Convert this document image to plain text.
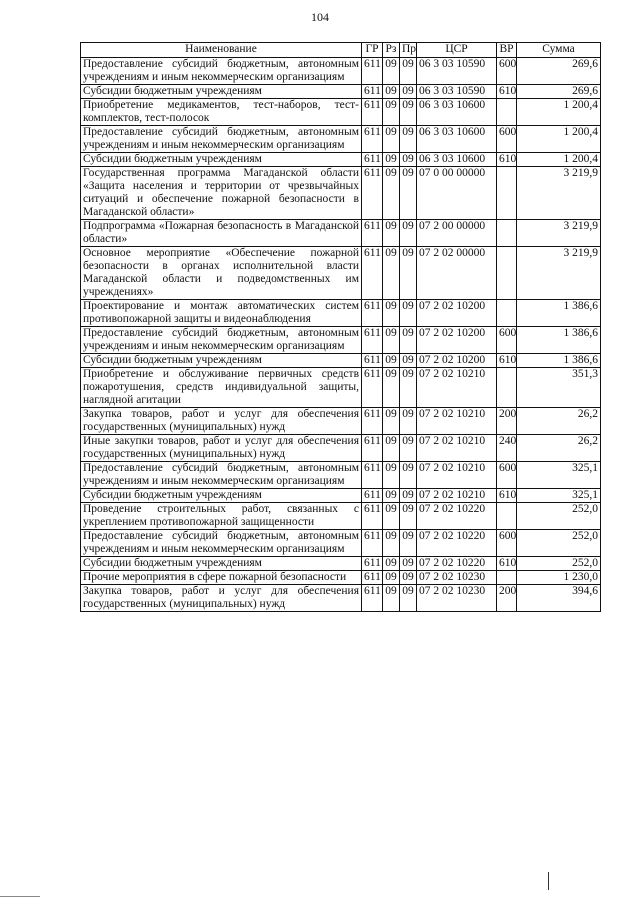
104
Наименование	ГР	Рз	Пр	ЦСР	ВР	Сумма
Предоставление субсидий бюджетным, автономным учреждениям и иным некоммерческим организациям	611	09	09	06 3 03 10590	600	269,6
Субсидии бюджетным учреждениям	611	09	09	06 3 03 10590	610	269,6
Приобретение медикаментов, тест-наборов, тест-комплектов, тест-полосок	611	09	09	06 3 03 10600		1 200,4
Предоставление субсидий бюджетным, автономным учреждениям и иным некоммерческим организациям	611	09	09	06 3 03 10600	600	1 200,4
Субсидии бюджетным учреждениям	611	09	09	06 3 03 10600	610	1 200,4
Государственная программа Магаданской области «Защита населения и территории от чрезвычайных ситуаций и обеспечение пожарной безопасности в Магаданской области»	611	09	09	07 0 00 00000		3 219,9
Подпрограмма «Пожарная безопасность в Магаданской области»	611	09	09	07 2 00 00000		3 219,9
Основное мероприятие «Обеспечение пожарной безопасности в органах исполнительной власти Магаданской области и подведомственных им учреждениях»	611	09	09	07 2 02 00000		3 219,9
Проектирование и монтаж автоматических систем противопожарной защиты и видеонаблюдения	611	09	09	07 2 02 10200		1 386,6
Предоставление субсидий бюджетным, автономным учреждениям и иным некоммерческим организациям	611	09	09	07 2 02 10200	600	1 386,6
Субсидии бюджетным учреждениям	611	09	09	07 2 02 10200	610	1 386,6
Приобретение и обслуживание первичных средств пожаротушения, средств индивидуальной защиты, наглядной агитации	611	09	09	07 2 02 10210		351,3
Закупка товаров, работ и услуг для обеспечения государственных (муниципальных) нужд	611	09	09	07 2 02 10210	200	26,2
Иные закупки товаров, работ и услуг для обеспечения государственных (муниципальных) нужд	611	09	09	07 2 02 10210	240	26,2
Предоставление субсидий бюджетным, автономным учреждениям и иным некоммерческим организациям	611	09	09	07 2 02 10210	600	325,1
Субсидии бюджетным учреждениям	611	09	09	07 2 02 10210	610	325,1
Проведение строительных работ, связанных с укреплением противопожарной защищенности	611	09	09	07 2 02 10220		252,0
Предоставление субсидий бюджетным, автономным учреждениям и иным некоммерческим организациям	611	09	09	07 2 02 10220	600	252,0
Субсидии бюджетным учреждениям	611	09	09	07 2 02 10220	610	252,0
Прочие мероприятия в сфере пожарной безопасности	611	09	09	07 2 02 10230		1 230,0
Закупка товаров, работ и услуг для обеспечения государственных (муниципальных) нужд	611	09	09	07 2 02 10230	200	394,6
